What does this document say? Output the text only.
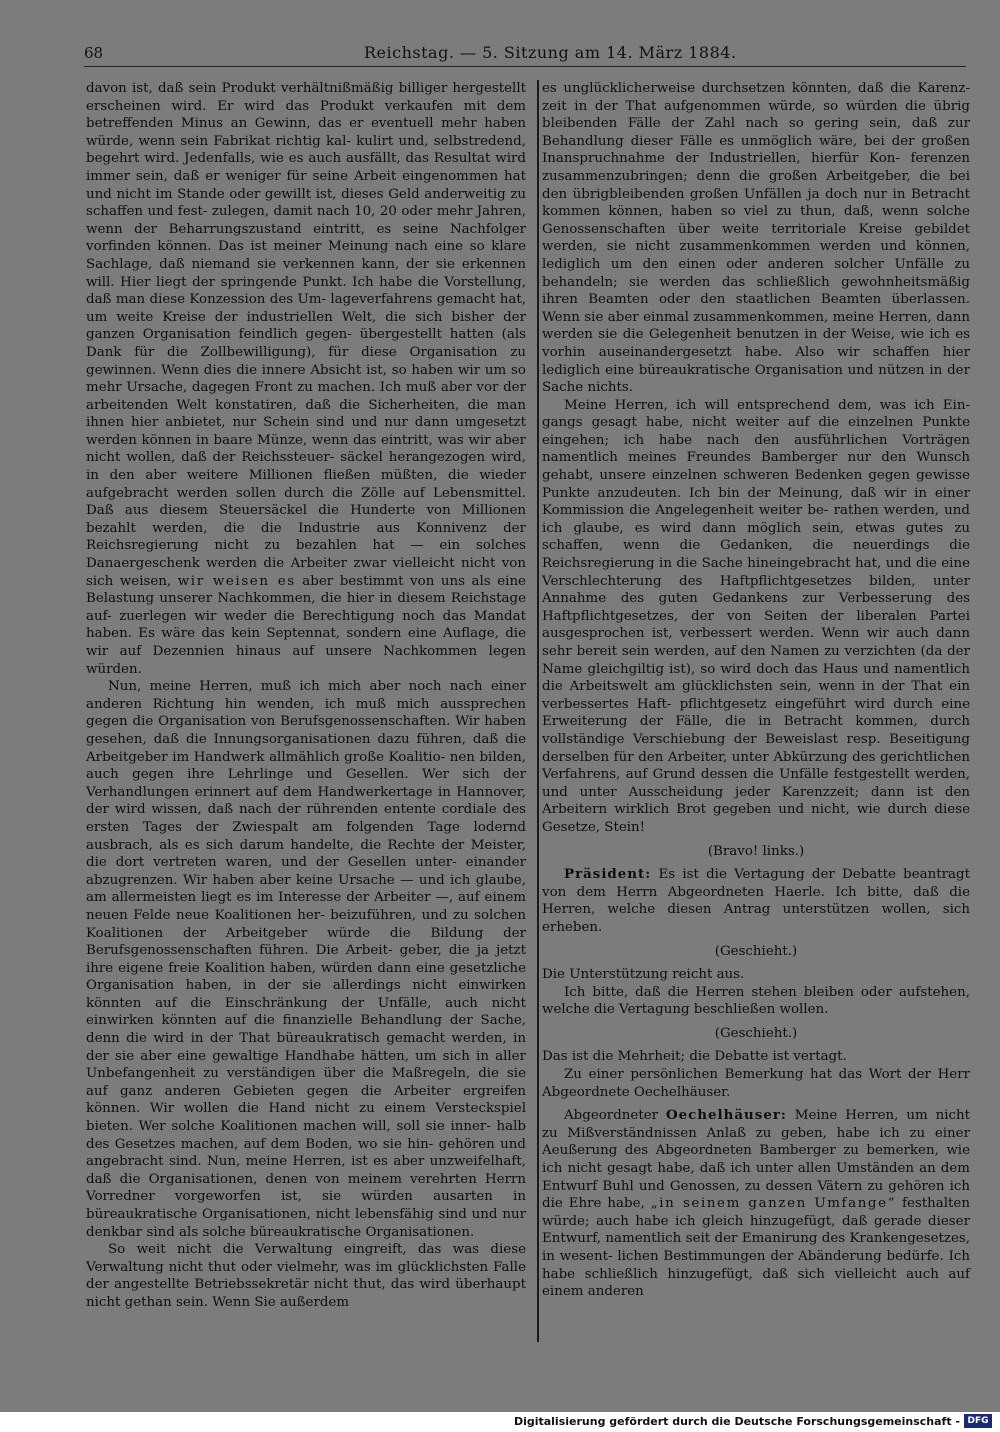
68	Reichstag. — 5. Sitzung am 14. März 1884.

davon ist, daß sein Produkt verhältnißmäßig billiger hergestellt erscheinen wird. Er wird das Produkt verkaufen mit dem betreffenden Minus an Gewinn, das er eventuell mehr haben würde, wenn sein Fabrikat richtig kal- kulirt und, selbstredend, begehrt wird. Jedenfalls, wie es auch ausfällt, das Resultat wird immer sein, daß er weniger für seine Arbeit eingenommen hat und nicht im Stande oder gewillt ist, dieses Geld anderweitig zu schaffen und fest- zulegen, damit nach 10, 20 oder mehr Jahren, wenn der Beharrungszustand eintritt, es seine Nachfolger vorfinden können. Das ist meiner Meinung nach eine so klare Sachlage, daß niemand sie verkennen kann, der sie erkennen will. Hier liegt der springende Punkt. Ich habe die Vorstellung, daß man diese Konzession des Um- lageverfahrens gemacht hat, um weite Kreise der industriellen Welt, die sich bisher der ganzen Organisation feindlich gegen- übergestellt hatten (als Dank für die Zollbewilligung), für diese Organisation zu gewinnen. Wenn dies die innere Absicht ist, so haben wir um so mehr Ursache, dagegen Front zu machen. Ich muß aber vor der arbeitenden Welt konstatiren, daß die Sicherheiten, die man ihnen hier anbietet, nur Schein sind und nur dann umgesetzt werden können in baare Münze, wenn das eintritt, was wir aber nicht wollen, daß der Reichssteuer- säckel herangezogen wird, in den aber weitere Millionen fließen müßten, die wieder aufgebracht werden sollen durch die Zölle auf Lebensmittel. Daß aus diesem Steuersäckel die Hunderte von Millionen bezahlt werden, die die Industrie aus Konnivenz der Reichsregierung nicht zu bezahlen hat — ein solches Danaergeschenk werden die Arbeiter zwar vielleicht nicht von sich weisen, wir weisen es aber bestimmt von uns als eine Belastung unserer Nachkommen, die hier in diesem Reichstage auf- zuerlegen wir weder die Berechtigung noch das Mandat haben. Es wäre das kein Septennat, sondern eine Auflage, die wir auf Dezennien hinaus auf unsere Nachkommen legen würden.

Nun, meine Herren, muß ich mich aber noch nach einer anderen Richtung hin wenden, ich muß mich aussprechen gegen die Organisation von Berufsgenossenschaften. Wir haben gesehen, daß die Innungsorganisationen dazu führen, daß die Arbeitgeber im Handwerk allmählich große Koalitio- nen bilden, auch gegen ihre Lehrlinge und Gesellen. Wer sich der Verhandlungen erinnert auf dem Handwerkertage in Hannover, der wird wissen, daß nach der rührenden entente cordiale des ersten Tages der Zwiespalt am folgenden Tage lodernd ausbrach, als es sich darum handelte, die Rechte der Meister, die dort vertreten waren, und der Gesellen unter- einander abzugrenzen. Wir haben aber keine Ursache — und ich glaube, am allermeisten liegt es im Interesse der Arbeiter —, auf einem neuen Felde neue Koalitionen her- beizuführen, und zu solchen Koalitionen der Arbeitgeber würde die Bildung der Berufsgenossenschaften führen. Die Arbeit- geber, die ja jetzt ihre eigene freie Koalition haben, würden dann eine gesetzliche Organisation haben, in der sie allerdings nicht einwirken könnten auf die Einschränkung der Unfälle, auch nicht einwirken könnten auf die finanzielle Behandlung der Sache, denn die wird in der That büreaukratisch gemacht werden, in der sie aber eine gewaltige Handhabe hätten, um sich in aller Unbefangenheit zu verständigen über die Maßregeln, die sie auf ganz anderen Gebieten gegen die Arbeiter ergreifen können. Wir wollen die Hand nicht zu einem Versteckspiel bieten. Wer solche Koalitionen machen will, soll sie inner- halb des Gesetzes machen, auf dem Boden, wo sie hin- gehören und angebracht sind. Nun, meine Herren, ist es aber unzweifelhaft, daß die Organisationen, denen von meinem verehrten Herrn Vorredner vorgeworfen ist, sie würden ausarten in büreaukratische Organisationen, nicht lebensfähig sind und nur denkbar sind als solche büreaukratische Organisationen.

So weit nicht die Verwaltung eingreift, das was diese Verwaltung nicht thut oder vielmehr, was im glücklichsten Falle der angestellte Betriebssekretär nicht thut, das wird überhaupt nicht gethan sein. Wenn Sie außerdem

es unglücklicherweise durchsetzen könnten, daß die Karenz- zeit in der That aufgenommen würde, so würden die übrig bleibenden Fälle der Zahl nach so gering sein, daß zur Behandlung dieser Fälle es unmöglich wäre, bei der großen Inanspruchnahme der Industriellen, hierfür Kon- ferenzen zusammenzubringen; denn die großen Arbeitgeber, die bei den übrigbleibenden großen Unfällen ja doch nur in Betracht kommen können, haben so viel zu thun, daß, wenn solche Genossenschaften über weite territoriale Kreise gebildet werden, sie nicht zusammenkommen werden und können, lediglich um den einen oder anderen solcher Unfälle zu behandeln; sie werden das schließlich gewohnheitsmäßig ihren Beamten oder den staatlichen Beamten überlassen. Wenn sie aber einmal zusammenkommen, meine Herren, dann werden sie die Gelegenheit benutzen in der Weise, wie ich es vorhin auseinandergesetzt habe. Also wir schaffen hier lediglich eine büreaukratische Organisation und nützen in der Sache nichts.

Meine Herren, ich will entsprechend dem, was ich Ein- gangs gesagt habe, nicht weiter auf die einzelnen Punkte eingehen; ich habe nach den ausführlichen Vorträgen namentlich meines Freundes Bamberger nur den Wunsch gehabt, unsere einzelnen schweren Bedenken gegen gewisse Punkte anzudeuten. Ich bin der Meinung, daß wir in einer Kommission die Angelegenheit weiter be- rathen werden, und ich glaube, es wird dann möglich sein, etwas gutes zu schaffen, wenn die Gedanken, die neuerdings die Reichsregierung in die Sache hineingebracht hat, und die eine Verschlechterung des Haftpflichtgesetzes bilden, unter Annahme des guten Gedankens zur Verbesserung des Haftpflichtgesetzes, der von Seiten der liberalen Partei ausgesprochen ist, verbessert werden. Wenn wir auch dann sehr bereit sein werden, auf den Namen zu verzichten (da der Name gleichgiltig ist), so wird doch das Haus und namentlich die Arbeitswelt am glücklichsten sein, wenn in der That ein verbessertes Haft- pflichtgesetz eingeführt wird durch eine Erweiterung der Fälle, die in Betracht kommen, durch vollständige Verschiebung der Beweislast resp. Beseitigung derselben für den Arbeiter, unter Abkürzung des gerichtlichen Verfahrens, auf Grund dessen die Unfälle festgestellt werden, und unter Ausscheidung jeder Karenzzeit; dann ist den Arbeitern wirklich Brot gegeben und nicht, wie durch diese Gesetze, Stein!

(Bravo! links.)

Präsident: Es ist die Vertagung der Debatte beantragt von dem Herrn Abgeordneten Haerle. Ich bitte, daß die Herren, welche diesen Antrag unterstützen wollen, sich erheben.

(Geschieht.)

Die Unterstützung reicht aus.

Ich bitte, daß die Herren stehen bleiben oder aufstehen, welche die Vertagung beschließen wollen.

(Geschieht.)

Das ist die Mehrheit; die Debatte ist vertagt.

Zu einer persönlichen Bemerkung hat das Wort der Herr Abgeordnete Oechelhäuser.

Abgeordneter Oechelhäuser: Meine Herren, um nicht zu Mißverständnissen Anlaß zu geben, habe ich zu einer Aeußerung des Abgeordneten Bamberger zu bemerken, wie ich nicht gesagt habe, daß ich unter allen Umständen an dem Entwurf Buhl und Genossen, zu dessen Vätern zu gehören ich die Ehre habe, „in seinem ganzen Umfange“ festhalten würde; auch habe ich gleich hinzugefügt, daß gerade dieser Entwurf, namentlich seit der Emanirung des Krankengesetzes, in wesent- lichen Bestimmungen der Abänderung bedürfe. Ich habe schließlich hinzugefügt, daß sich vielleicht auch auf einem anderen

Digitalisierung gefördert durch die Deutsche Forschungsgemeinschaft - DFG
